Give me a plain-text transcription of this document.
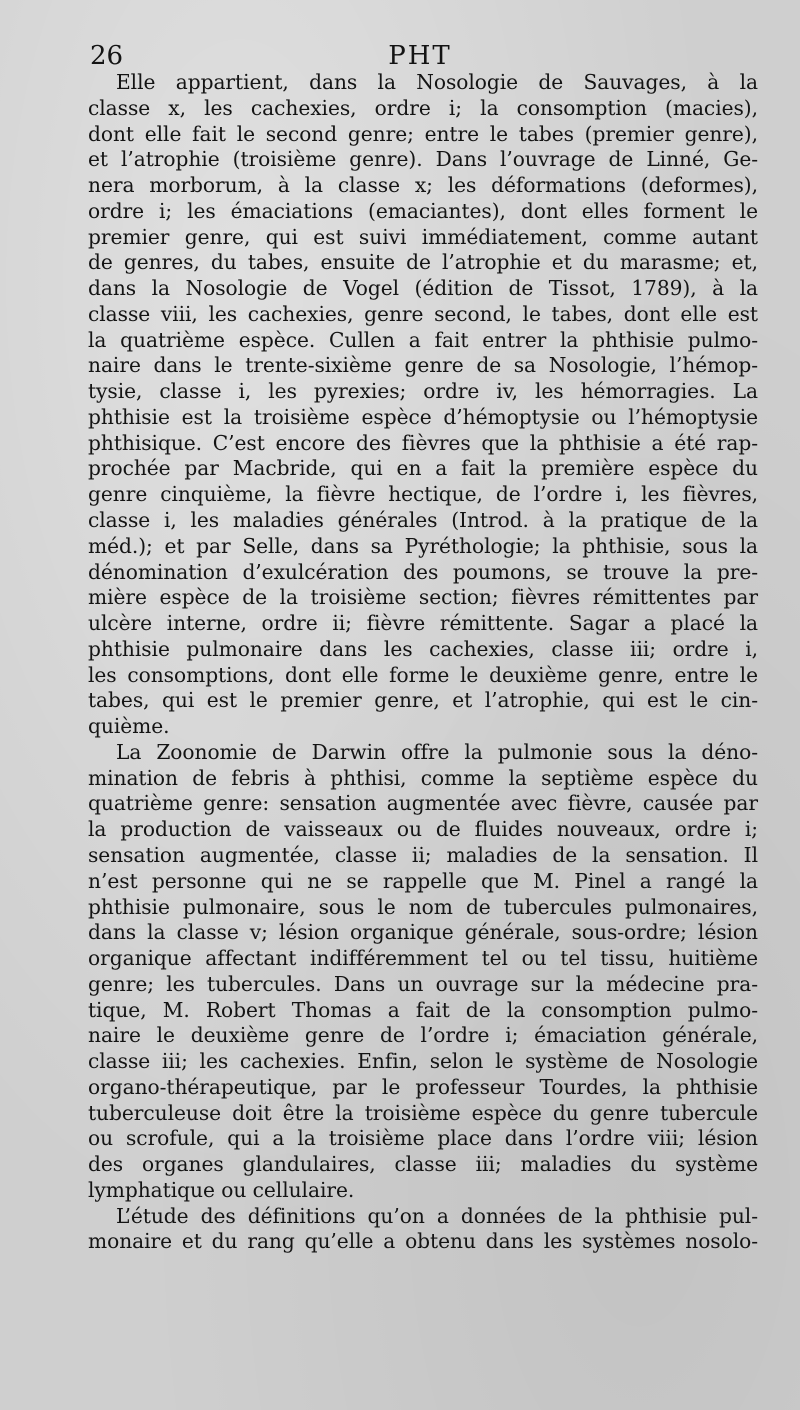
26	PHT
Elle appartient, dans la Nosologie de Sauvages, à la
classe x, les cachexies, ordre i; la consomption (macies),
dont elle fait le second genre; entre le tabes (premier genre),
et l’atrophie (troisième genre). Dans l’ouvrage de Linné, Ge-
nera morborum, à la classe x; les déformations (deformes),
ordre i; les émaciations (emaciantes), dont elles forment le
premier genre, qui est suivi immédiatement, comme autant
de genres, du tabes, ensuite de l’atrophie et du marasme; et,
dans la Nosologie de Vogel (édition de Tissot, 1789), à la
classe viii, les cachexies, genre second, le tabes, dont elle est
la quatrième espèce. Cullen a fait entrer la phthisie pulmo-
naire dans le trente-sixième genre de sa Nosologie, l’hémop-
tysie, classe i, les pyrexies; ordre iv, les hémorragies. La
phthisie est la troisième espèce d’hémoptysie ou l’hémoptysie
phthisique. C’est encore des fièvres que la phthisie a été rap-
prochée par Macbride, qui en a fait la première espèce du
genre cinquième, la fièvre hectique, de l’ordre i, les fièvres,
classe i, les maladies générales (Introd. à la pratique de la
méd.); et par Selle, dans sa Pyréthologie; la phthisie, sous la
dénomination d’exulcération des poumons, se trouve la pre-
mière espèce de la troisième section; fièvres rémittentes par
ulcère interne, ordre ii; fièvre rémittente. Sagar a placé la
phthisie pulmonaire dans les cachexies, classe iii; ordre i,
les consomptions, dont elle forme le deuxième genre, entre le
tabes, qui est le premier genre, et l’atrophie, qui est le cin-
quième.
La Zoonomie de Darwin offre la pulmonie sous la déno-
mination de febris à phthisi, comme la septième espèce du
quatrième genre: sensation augmentée avec fièvre, causée par
la production de vaisseaux ou de fluides nouveaux, ordre i;
sensation augmentée, classe ii; maladies de la sensation. Il
n’est personne qui ne se rappelle que M. Pinel a rangé la
phthisie pulmonaire, sous le nom de tubercules pulmonaires,
dans la classe v; lésion organique générale, sous-ordre; lésion
organique affectant indifféremment tel ou tel tissu, huitième
genre; les tubercules. Dans un ouvrage sur la médecine pra-
tique, M. Robert Thomas a fait de la consomption pulmo-
naire le deuxième genre de l’ordre i; émaciation générale,
classe iii; les cachexies. Enfin, selon le système de Nosologie
organo-thérapeutique, par le professeur Tourdes, la phthisie
tuberculeuse doit être la troisième espèce du genre tubercule
ou scrofule, qui a la troisième place dans l’ordre viii; lésion
des organes glandulaires, classe iii; maladies du système
lymphatique ou cellulaire.
L’étude des définitions qu’on a données de la phthisie pul-
monaire et du rang qu’elle a obtenu dans les systèmes nosolo-
